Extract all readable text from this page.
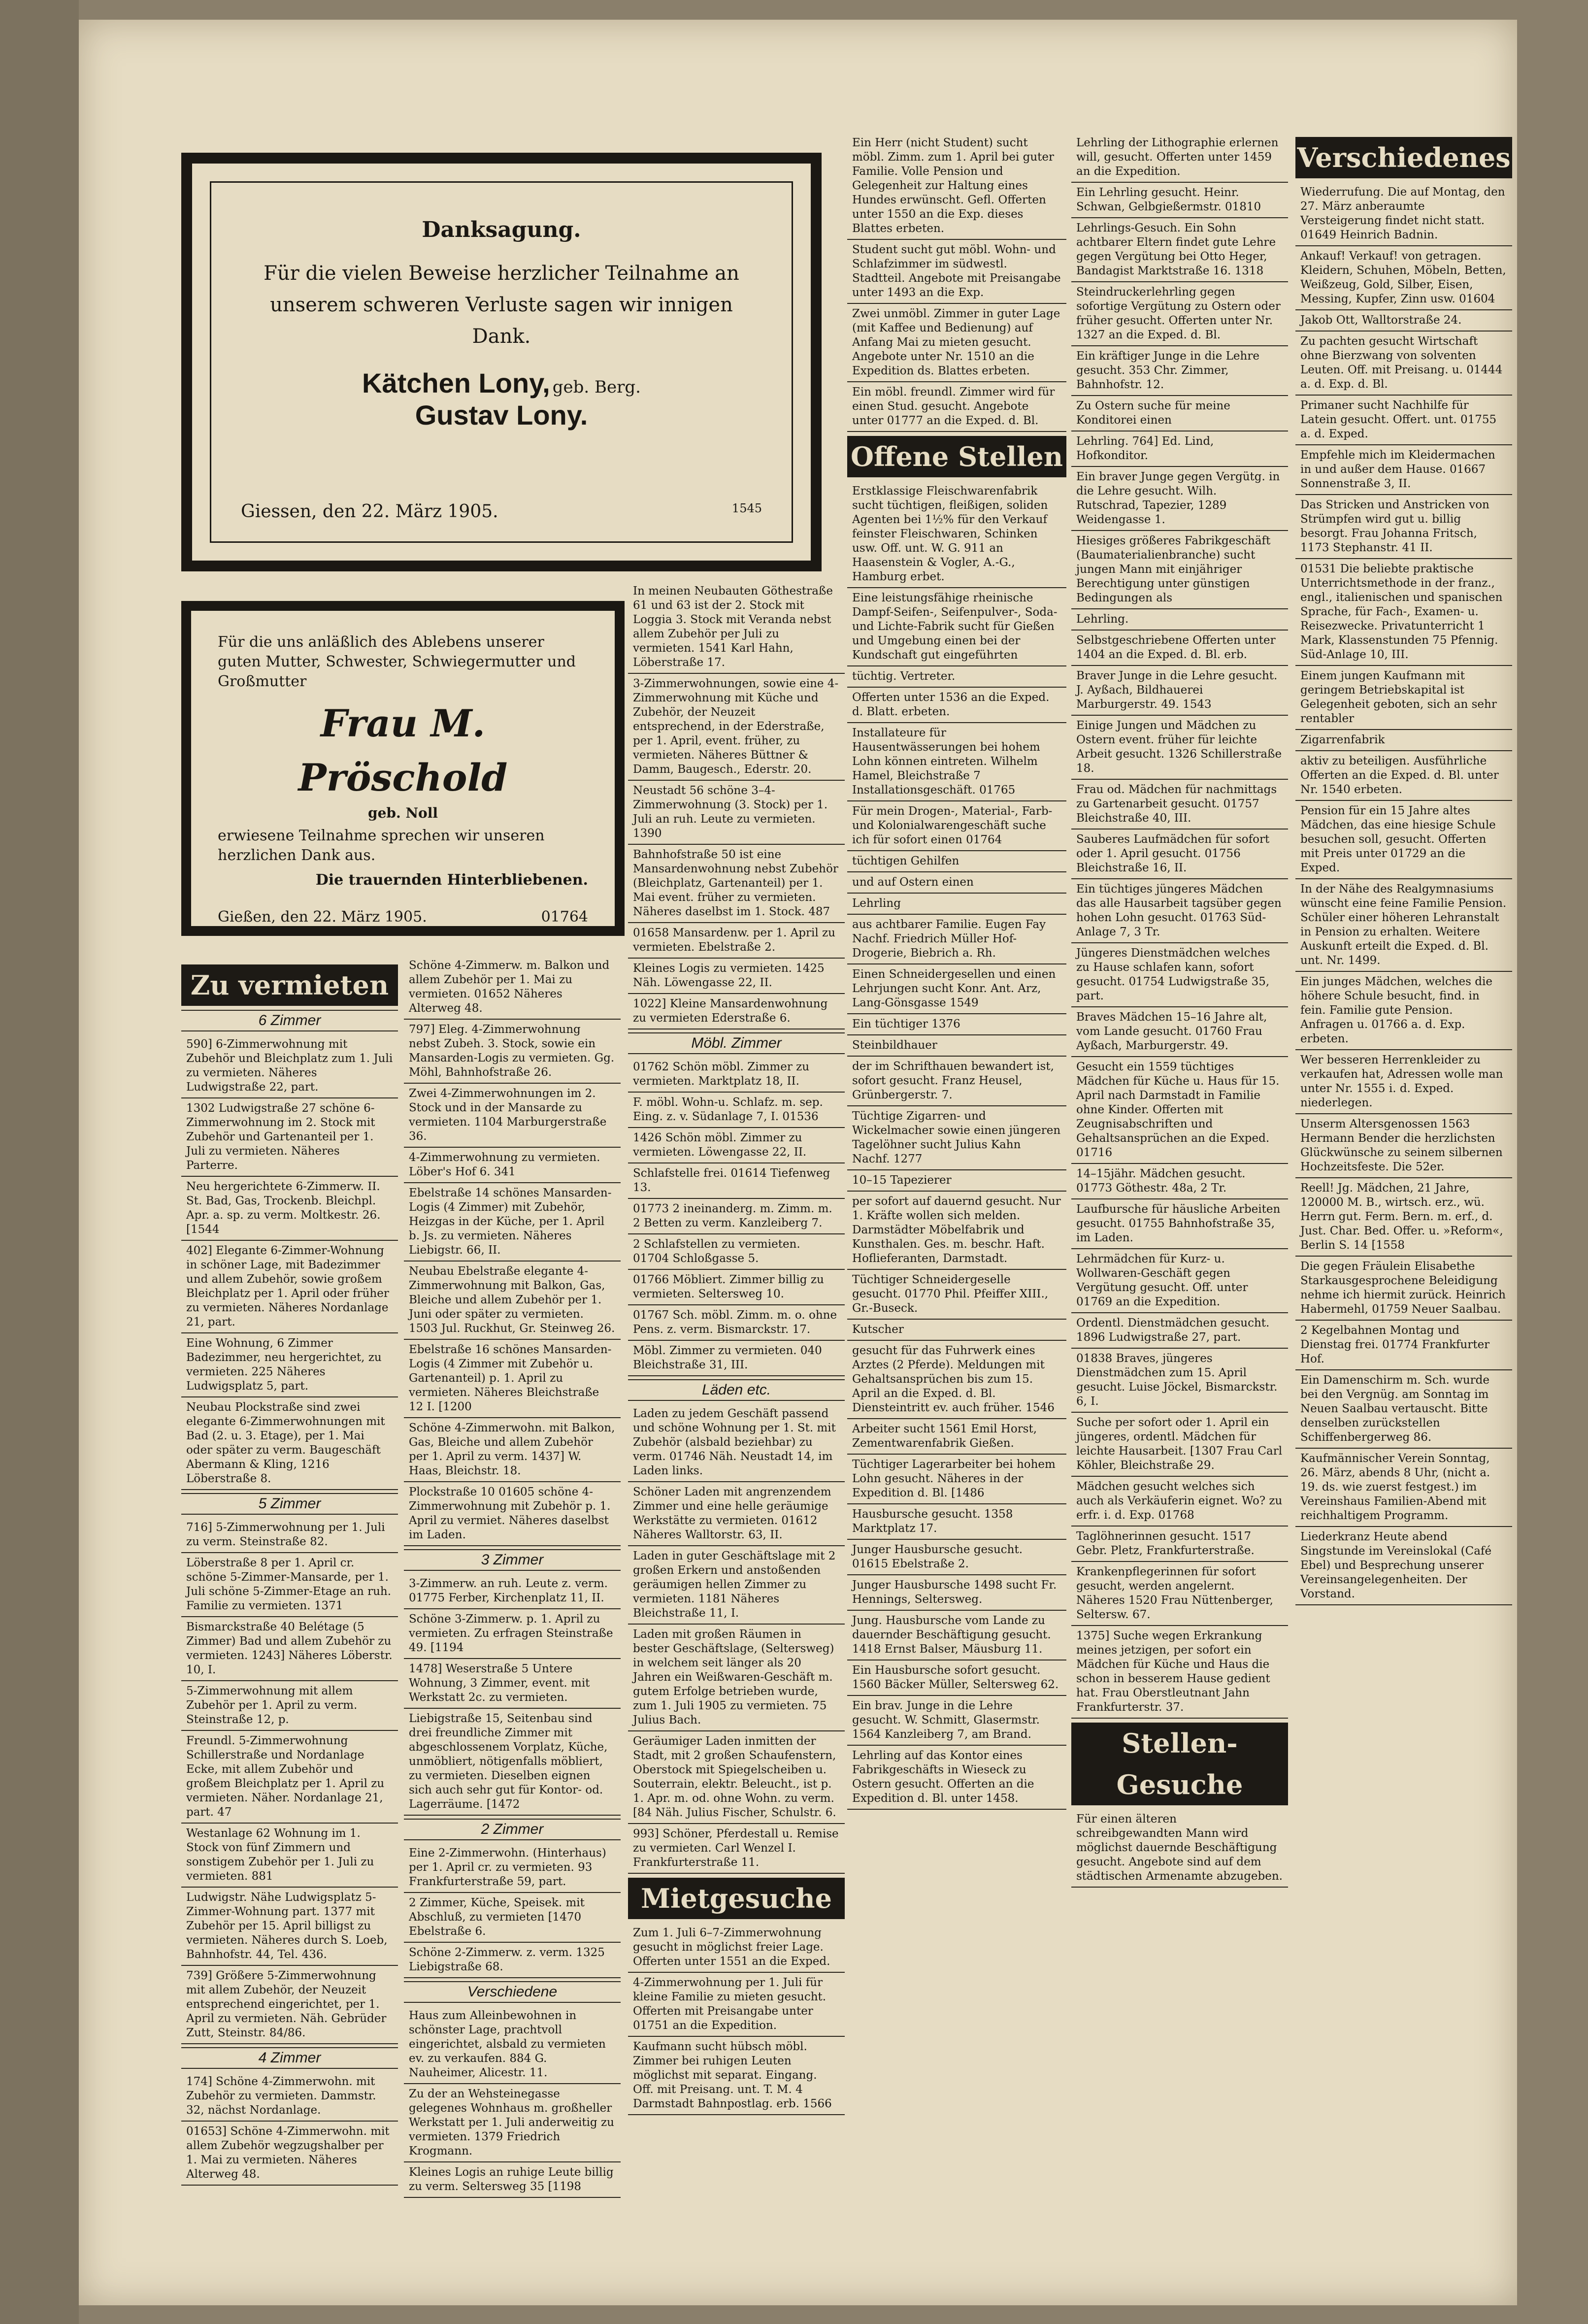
Danksagung.

Für die vielen Beweise herzlicher Teilnahme an unserem schweren Verluste sagen wir innigen Dank.

Kätchen Lony, geb. Berg.
Gustav Lony.
Giessen, den 22. März 1905.	1545

Für die uns anläßlich des Ablebens unserer guten Mutter, Schwester, Schwiegermutter und Großmutter

Frau M. Pröschold
geb. Noll

erwiesene Teilnahme sprechen wir unseren herzlichen Dank aus.

Die trauernden Hinterbliebenen.
Gießen, den 22. März 1905.	01764
Zu vermieten
6 Zimmer
590] 6-Zimmerwohnung mit Zubehör und Bleichplatz zum 1. Juli zu vermieten. Näheres Ludwigstraße 22, part.
1302 Ludwigstraße 27 schöne 6-Zimmerwohnung im 2. Stock mit Zubehör und Gartenanteil per 1. Juli zu vermieten. Näheres Parterre.
Neu hergerichtete 6-Zimmerw. II. St. Bad, Gas, Trockenb. Bleichpl. Apr. a. sp. zu verm. Moltkestr. 26. [1544
402] Elegante 6-Zimmer-Wohnung in schöner Lage, mit Badezimmer und allem Zubehör, sowie großem Bleichplatz per 1. April oder früher zu vermieten. Näheres Nordanlage 21, part.
Eine Wohnung, 6 Zimmer Badezimmer, neu hergerichtet, zu vermieten. 225 Näheres Ludwigsplatz 5, part.
Neubau Plockstraße sind zwei elegante 6-Zimmerwohnungen mit Bad (2. u. 3. Etage), per 1. Mai oder später zu verm. Baugeschäft Abermann & Kling, 1216 Löberstraße 8.
5 Zimmer
716] 5-Zimmerwohnung per 1. Juli zu verm. Steinstraße 82.
Löberstraße 8 per 1. April cr. schöne 5-Zimmer-Mansarde, per 1. Juli schöne 5-Zimmer-Etage an ruh. Familie zu vermieten. 1371
Bismarckstraße 40 Belétage (5 Zimmer) Bad und allem Zubehör zu vermieten. 1243] Näheres Löberstr. 10, I.
5-Zimmerwohnung mit allem Zubehör per 1. April zu verm. Steinstraße 12, p.
Freundl. 5-Zimmerwohnung Schillerstraße und Nordanlage Ecke, mit allem Zubehör und großem Bleichplatz per 1. April zu vermieten. Näher. Nordanlage 21, part. 47
Westanlage 62 Wohnung im 1. Stock von fünf Zimmern und sonstigem Zubehör per 1. Juli zu vermieten. 881
Ludwigstr. Nähe Ludwigsplatz 5-Zimmer-Wohnung part. 1377 mit Zubehör per 15. April billigst zu vermieten. Näheres durch S. Loeb, Bahnhofstr. 44, Tel. 436.
739] Größere 5-Zimmerwohnung mit allem Zubehör, der Neuzeit entsprechend eingerichtet, per 1. April zu vermieten. Näh. Gebrüder Zutt, Steinstr. 84/86.
4 Zimmer
174] Schöne 4-Zimmerwohn. mit Zubehör zu vermieten. Dammstr. 32, nächst Nordanlage.
01653] Schöne 4-Zimmerwohn. mit allem Zubehör wegzugshalber per 1. Mai zu vermieten. Näheres Alterweg 48.
Schöne 4-Zimmerw. m. Balkon und allem Zubehör per 1. Mai zu vermieten. 01652 Näheres Alterweg 48.
797] Eleg. 4-Zimmerwohnung nebst Zubeh. 3. Stock, sowie ein Mansarden-Logis zu vermieten. Gg. Möhl, Bahnhofstraße 26.
Zwei 4-Zimmerwohnungen im 2. Stock und in der Mansarde zu vermieten. 1104 Marburgerstraße 36.
4-Zimmerwohnung zu vermieten. Löber's Hof 6. 341
Ebelstraße 14 schönes Mansarden-Logis (4 Zimmer) mit Zubehör, Heizgas in der Küche, per 1. April b. Js. zu vermieten. Näheres Liebigstr. 66, II.
Neubau Ebelstraße elegante 4-Zimmerwohnung mit Balkon, Gas, Bleiche und allem Zubehör per 1. Juni oder später zu vermieten. 1503 Jul. Ruckhut, Gr. Steinweg 26.
Ebelstraße 16 schönes Mansarden-Logis (4 Zimmer mit Zubehör u. Gartenanteil) p. 1. April zu vermieten. Näheres Bleichstraße 12 I. [1200
Schöne 4-Zimmerwohn. mit Balkon, Gas, Bleiche und allem Zubehör per 1. April zu verm. 1437] W. Haas, Bleichstr. 18.
Plockstraße 10 01605 schöne 4-Zimmerwohnung mit Zubehör p. 1. April zu vermiet. Näheres daselbst im Laden.
3 Zimmer
3-Zimmerw. an ruh. Leute z. verm. 01775 Ferber, Kirchenplatz 11, II.
Schöne 3-Zimmerw. p. 1. April zu vermieten. Zu erfragen Steinstraße 49. [1194
1478] Weserstraße 5 Untere Wohnung, 3 Zimmer, event. mit Werkstatt 2c. zu vermieten.
Liebigstraße 15, Seitenbau sind drei freundliche Zimmer mit abgeschlossenem Vorplatz, Küche, unmöbliert, nötigenfalls möbliert, zu vermieten. Dieselben eignen sich auch sehr gut für Kontor- od. Lagerräume. [1472
2 Zimmer
Eine 2-Zimmerwohn. (Hinterhaus) per 1. April cr. zu vermieten. 93 Frankfurterstraße 59, part.
2 Zimmer, Küche, Speisek. mit Abschluß, zu vermieten [1470 Ebelstraße 6.
Schöne 2-Zimmerw. z. verm. 1325 Liebigstraße 68.
Verschiedene
Haus zum Alleinbewohnen in schönster Lage, prachtvoll eingerichtet, alsbald zu vermieten ev. zu verkaufen. 884 G. Nauheimer, Alicestr. 11.
Zu der an Wehsteinegasse gelegenes Wohnhaus m. großheller Werkstatt per 1. Juli anderweitig zu vermieten. 1379 Friedrich Krogmann.
Kleines Logis an ruhige Leute billig zu verm. Seltersweg 35 [1198
In meinen Neubauten Göthestraße 61 und 63 ist der 2. Stock mit Loggia 3. Stock mit Veranda nebst allem Zubehör per Juli zu vermieten. 1541 Karl Hahn, Löberstraße 17.
3-Zimmerwohnungen, sowie eine 4-Zimmerwohnung mit Küche und Zubehör, der Neuzeit entsprechend, in der Ederstraße, per 1. April, event. früher, zu vermieten. Näheres Büttner & Damm, Baugesch., Ederstr. 20.
Neustadt 56 schöne 3–4-Zimmerwohnung (3. Stock) per 1. Juli an ruh. Leute zu vermieten. 1390
Bahnhofstraße 50 ist eine Mansardenwohnung nebst Zubehör (Bleichplatz, Gartenanteil) per 1. Mai event. früher zu vermieten. Näheres daselbst im 1. Stock. 487
01658 Mansardenw. per 1. April zu vermieten. Ebelstraße 2.
Kleines Logis zu vermieten. 1425 Näh. Löwengasse 22, II.
1022] Kleine Mansardenwohnung zu vermieten Ederstraße 6.
Möbl. Zimmer
01762 Schön möbl. Zimmer zu vermieten. Marktplatz 18, II.
F. möbl. Wohn-u. Schlafz. m. sep. Eing. z. v. Südanlage 7, I. 01536
1426 Schön möbl. Zimmer zu vermieten. Löwengasse 22, II.
Schlafstelle frei. 01614 Tiefenweg 13.
01773 2 ineinanderg. m. Zimm. m. 2 Betten zu verm. Kanzleiberg 7.
2 Schlafstellen zu vermieten. 01704 Schloßgasse 5.
01766 Möbliert. Zimmer billig zu vermieten. Seltersweg 10.
01767 Sch. möbl. Zimm. m. o. ohne Pens. z. verm. Bismarckstr. 17.
Möbl. Zimmer zu vermieten. 040 Bleichstraße 31, III.
Läden etc.
Laden zu jedem Geschäft passend und schöne Wohnung per 1. St. mit Zubehör (alsbald beziehbar) zu verm. 01746 Näh. Neustadt 14, im Laden links.
Schöner Laden mit angrenzendem Zimmer und eine helle geräumige Werkstätte zu vermieten. 01612 Näheres Walltorstr. 63, II.
Laden in guter Geschäftslage mit 2 großen Erkern und anstoßenden geräumigen hellen Zimmer zu vermieten. 1181 Näheres Bleichstraße 11, I.
Laden mit großen Räumen in bester Geschäftslage, (Seltersweg) in welchem seit länger als 20 Jahren ein Weißwaren-Geschäft m. gutem Erfolge betrieben wurde, zum 1. Juli 1905 zu vermieten. 75 Julius Bach.
Geräumiger Laden inmitten der Stadt, mit 2 großen Schaufenstern, Oberstock mit Spiegelscheiben u. Souterrain, elektr. Beleucht., ist p. 1. Apr. m. od. ohne Wohn. zu verm. [84 Näh. Julius Fischer, Schulstr. 6.
993] Schöner, Pferdestall u. Remise zu vermieten. Carl Wenzel I. Frankfurterstraße 11.
Mietgesuche
Zum 1. Juli 6–7-Zimmerwohnung gesucht in möglichst freier Lage. Offerten unter 1551 an die Exped.
4-Zimmerwohnung per 1. Juli für kleine Familie zu mieten gesucht. Offerten mit Preisangabe unter 01751 an die Expedition.
Kaufmann sucht hübsch möbl. Zimmer bei ruhigen Leuten möglichst mit separat. Eingang. Off. mit Preisang. unt. T. M. 4 Darmstadt Bahnpostlag. erb. 1566
Ein Herr (nicht Student) sucht möbl. Zimm. zum 1. April bei guter Familie. Volle Pension und Gelegenheit zur Haltung eines Hundes erwünscht. Gefl. Offerten unter 1550 an die Exp. dieses Blattes erbeten.
Student sucht gut möbl. Wohn- und Schlafzimmer im südwestl. Stadtteil. Angebote mit Preisangabe unter 1493 an die Exp.
Zwei unmöbl. Zimmer in guter Lage (mit Kaffee und Bedienung) auf Anfang Mai zu mieten gesucht. Angebote unter Nr. 1510 an die Expedition ds. Blattes erbeten.
Ein möbl. freundl. Zimmer wird für einen Stud. gesucht. Angebote unter 01777 an die Exped. d. Bl.
Offene Stellen
Erstklassige Fleischwarenfabrik sucht tüchtigen, fleißigen, soliden Agenten bei 1½% für den Verkauf feinster Fleischwaren, Schinken usw. Off. unt. W. G. 911 an Haasenstein & Vogler, A.-G., Hamburg erbet.
Eine leistungsfähige rheinische Dampf-Seifen-, Seifenpulver-, Soda- und Lichte-Fabrik sucht für Gießen und Umgebung einen bei der Kundschaft gut eingeführten
tüchtig. Vertreter.
Offerten unter 1536 an die Exped. d. Blatt. erbeten.
Installateure für Hausentwässerungen bei hohem Lohn können eintreten. Wilhelm Hamel, Bleichstraße 7 Installationsgeschäft. 01765
Für mein Drogen-, Material-, Farb- und Kolonialwarengeschäft suche ich für sofort einen 01764
tüchtigen Gehilfen
und auf Ostern einen
Lehrling
aus achtbarer Familie. Eugen Fay Nachf. Friedrich Müller Hof-Drogerie, Biebrich a. Rh.
Einen Schneidergesellen und einen Lehrjungen sucht Konr. Ant. Arz, Lang-Gönsgasse 1549
Ein tüchtiger 1376
Steinbildhauer
der im Schrifthauen bewandert ist, sofort gesucht. Franz Heusel, Grünbergerstr. 7.
Tüchtige Zigarren- und Wickelmacher sowie einen jüngeren Tagelöhner sucht Julius Kahn Nachf. 1277
10–15 Tapezierer
per sofort auf dauernd gesucht. Nur 1. Kräfte wollen sich melden. Darmstädter Möbelfabrik und Kunsthalen. Ges. m. beschr. Haft. Hoflieferanten, Darmstadt.
Tüchtiger Schneidergeselle gesucht. 01770 Phil. Pfeiffer XIII., Gr.-Buseck.
Kutscher
gesucht für das Fuhrwerk eines Arztes (2 Pferde). Meldungen mit Gehaltsansprüchen bis zum 15. April an die Exped. d. Bl. Diensteintritt ev. auch früher. 1546
Arbeiter sucht 1561 Emil Horst, Zementwarenfabrik Gießen.
Tüchtiger Lagerarbeiter bei hohem Lohn gesucht. Näheres in der Expedition d. Bl. [1486
Hausbursche gesucht. 1358 Marktplatz 17.
Junger Hausbursche gesucht. 01615 Ebelstraße 2.
Junger Hausbursche 1498 sucht Fr. Hennings, Seltersweg.
Jung. Hausbursche vom Lande zu dauernder Beschäftigung gesucht. 1418 Ernst Balser, Mäusburg 11.
Ein Hausbursche sofort gesucht. 1560 Bäcker Müller, Seltersweg 62.
Ein brav. Junge in die Lehre gesucht. W. Schmitt, Glasermstr. 1564 Kanzleiberg 7, am Brand.
Lehrling auf das Kontor eines Fabrikgeschäfts in Wieseck zu Ostern gesucht. Offerten an die Expedition d. Bl. unter 1458.
Lehrling der Lithographie erlernen will, gesucht. Offerten unter 1459 an die Expedition.
Ein Lehrling gesucht. Heinr. Schwan, Gelbgießermstr. 01810
Lehrlings-Gesuch. Ein Sohn achtbarer Eltern findet gute Lehre gegen Vergütung bei Otto Heger, Bandagist Marktstraße 16. 1318
Steindruckerlehrling gegen sofortige Vergütung zu Ostern oder früher gesucht. Offerten unter Nr. 1327 an die Exped. d. Bl.
Ein kräftiger Junge in die Lehre gesucht. 353 Chr. Zimmer, Bahnhofstr. 12.
Zu Ostern suche für meine Konditorei einen
Lehrling. 764] Ed. Lind, Hofkonditor.
Ein braver Junge gegen Vergütg. in die Lehre gesucht. Wilh. Rutschrad, Tapezier, 1289 Weidengasse 1.
Hiesiges größeres Fabrikgeschäft (Baumaterialienbranche) sucht jungen Mann mit einjähriger Berechtigung unter günstigen Bedingungen als
Lehrling.
Selbstgeschriebene Offerten unter 1404 an die Exped. d. Bl. erb.
Braver Junge in die Lehre gesucht. J. Ayßach, Bildhauerei Marburgerstr. 49. 1543
Einige Jungen und Mädchen zu Ostern event. früher für leichte Arbeit gesucht. 1326 Schillerstraße 18.
Frau od. Mädchen für nachmittags zu Gartenarbeit gesucht. 01757 Bleichstraße 40, III.
Sauberes Laufmädchen für sofort oder 1. April gesucht. 01756 Bleichstraße 16, II.
Ein tüchtiges jüngeres Mädchen das alle Hausarbeit tagsüber gegen hohen Lohn gesucht. 01763 Süd-Anlage 7, 3 Tr.
Jüngeres Dienstmädchen welches zu Hause schlafen kann, sofort gesucht. 01754 Ludwigstraße 35, part.
Braves Mädchen 15–16 Jahre alt, vom Lande gesucht. 01760 Frau Ayßach, Marburgerstr. 49.
Gesucht ein 1559 tüchtiges Mädchen für Küche u. Haus für 15. April nach Darmstadt in Familie ohne Kinder. Offerten mit Zeugnisabschriften und Gehaltsansprüchen an die Exped. 01716
14–15jähr. Mädchen gesucht. 01773 Göthestr. 48a, 2 Tr.
Laufbursche für häusliche Arbeiten gesucht. 01755 Bahnhofstraße 35, im Laden.
Lehrmädchen für Kurz- u. Wollwaren-Geschäft gegen Vergütung gesucht. Off. unter 01769 an die Expedition.
Ordentl. Dienstmädchen gesucht. 1896 Ludwigstraße 27, part.
01838 Braves, jüngeres Dienstmädchen zum 15. April gesucht. Luise Jöckel, Bismarckstr. 6, I.
Suche per sofort oder 1. April ein jüngeres, ordentl. Mädchen für leichte Hausarbeit. [1307 Frau Carl Köhler, Bleichstraße 29.
Mädchen gesucht welches sich auch als Verkäuferin eignet. Wo? zu erfr. i. d. Exp. 01768
Taglöhnerinnen gesucht. 1517 Gebr. Pletz, Frankfurterstraße.
Krankenpflegerinnen für sofort gesucht, werden angelernt. Näheres 1520 Frau Nüttenberger, Seltersw. 67.
1375] Suche wegen Erkrankung meines jetzigen, per sofort ein Mädchen für Küche und Haus die schon in besserem Hause gedient hat. Frau Oberstleutnant Jahn Frankfurterstr. 37.
Stellen-Gesuche
Für einen älteren schreibgewandten Mann wird möglichst dauernde Beschäftigung gesucht. Angebote sind auf dem städtischen Armenamte abzugeben.
Verschiedenes
Wiederrufung. Die auf Montag, den 27. März anberaumte Versteigerung findet nicht statt. 01649 Heinrich Badnin.
Ankauf! Verkauf! von getragen. Kleidern, Schuhen, Möbeln, Betten, Weißzeug, Gold, Silber, Eisen, Messing, Kupfer, Zinn usw. 01604
Jakob Ott, Walltorstraße 24.
Zu pachten gesucht Wirtschaft ohne Bierzwang von solventen Leuten. Off. mit Preisang. u. 01444 a. d. Exp. d. Bl.
Primaner sucht Nachhilfe für Latein gesucht. Offert. unt. 01755 a. d. Exped.
Empfehle mich im Kleidermachen in und außer dem Hause. 01667 Sonnenstraße 3, II.
Das Stricken und Anstricken von Strümpfen wird gut u. billig besorgt. Frau Johanna Fritsch, 1173 Stephanstr. 41 II.
01531 Die beliebte praktische Unterrichtsmethode in der franz., engl., italienischen und spanischen Sprache, für Fach-, Examen- u. Reisezwecke. Privatunterricht 1 Mark, Klassenstunden 75 Pfennig. Süd-Anlage 10, III.
Einem jungen Kaufmann mit geringem Betriebskapital ist Gelegenheit geboten, sich an sehr rentabler
Zigarrenfabrik
aktiv zu beteiligen. Ausführliche Offerten an die Exped. d. Bl. unter Nr. 1540 erbeten.
Pension für ein 15 Jahre altes Mädchen, das eine hiesige Schule besuchen soll, gesucht. Offerten mit Preis unter 01729 an die Exped.
In der Nähe des Realgymnasiums wünscht eine feine Familie Pension. Schüler einer höheren Lehranstalt in Pension zu erhalten. Weitere Auskunft erteilt die Exped. d. Bl. unt. Nr. 1499.
Ein junges Mädchen, welches die höhere Schule besucht, find. in fein. Familie gute Pension. Anfragen u. 01766 a. d. Exp. erbeten.
Wer besseren Herrenkleider zu verkaufen hat, Adressen wolle man unter Nr. 1555 i. d. Exped. niederlegen.
Unserm Altersgenossen 1563 Hermann Bender die herzlichsten Glückwünsche zu seinem silbernen Hochzeitsfeste. Die 52er.
Reell! Jg. Mädchen, 21 Jahre, 120000 M. B., wirtsch. erz., wü. Herrn gut. Ferm. Bern. m. erf., d. Just. Char. Bed. Offer. u. »Reform«, Berlin S. 14 [1558
Die gegen Fräulein Elisabethe Starkausgesprochene Beleidigung nehme ich hiermit zurück. Heinrich Habermehl, 01759 Neuer Saalbau.
2 Kegelbahnen Montag und Dienstag frei. 01774 Frankfurter Hof.
Ein Damenschirm m. Sch. wurde bei den Vergnüg. am Sonntag im Neuen Saalbau vertauscht. Bitte denselben zurückstellen Schiffenbergerweg 86.
Kaufmännischer Verein Sonntag, 26. März, abends 8 Uhr, (nicht a. 19. ds. wie zuerst festgest.) im Vereinshaus Familien-Abend mit reichhaltigem Programm.
Liederkranz Heute abend Singstunde im Vereinslokal (Café Ebel) und Besprechung unserer Vereinsangelegenheiten. Der Vorstand.
